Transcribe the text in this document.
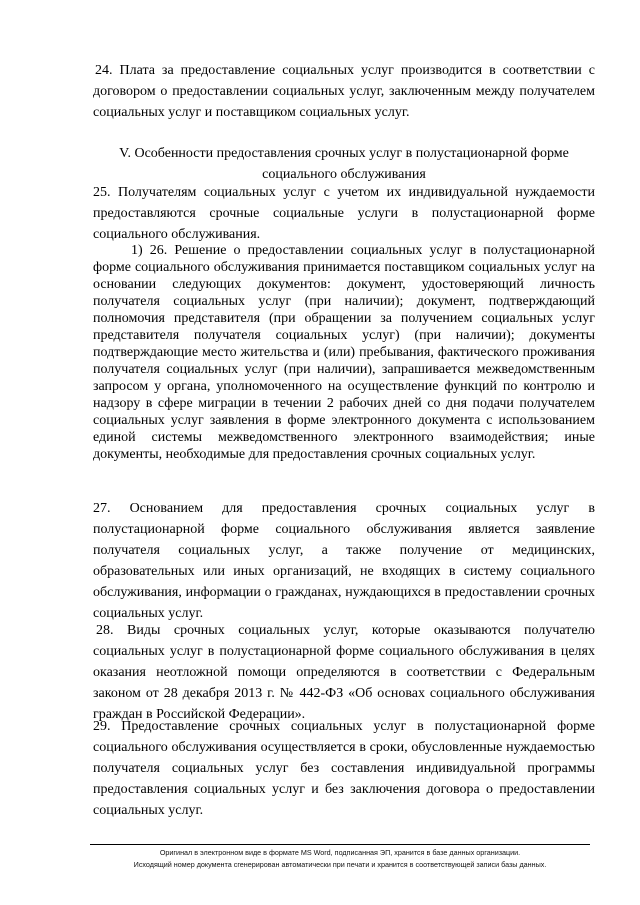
24. Плата за предоставление социальных услуг производится в соответствии с договором о предоставлении социальных услуг, заключенным между получателем социальных услуг и поставщиком социальных услуг.

V. Особенности предоставления срочных услуг в полустационарной форме социального обслуживания

25. Получателям социальных услуг с учетом их индивидуальной нуждаемости предоставляются срочные социальные услуги в полустационарной форме социального обслуживания.

1) 26. Решение о предоставлении социальных услуг в полустационарной форме социального обслуживания принимается поставщиком социальных услуг на основании следующих документов: документ, удостоверяющий личность получателя социальных услуг (при наличии); документ, подтверждающий полномочия представителя (при обращении за получением социальных услуг представителя получателя социальных услуг) (при наличии); документы подтверждающие место жительства и (или) пребывания, фактического проживания получателя социальных услуг (при наличии), запрашивается межведомственным запросом у органа, уполномоченного на осуществление функций по контролю и надзору в сфере миграции в течении 2 рабочих дней со дня подачи получателем социальных услуг заявления в форме электронного документа с использованием единой системы межведомственного электронного взаимодействия; иные документы, необходимые для предоставления срочных социальных услуг.

27. Основанием для предоставления срочных социальных услуг в полустационарной форме социального обслуживания является заявление получателя социальных услуг, а также получение от медицинских, образовательных или иных организаций, не входящих в систему социального обслуживания, информации о гражданах, нуждающихся в предоставлении срочных социальных услуг.

28. Виды срочных социальных услуг, которые оказываются получателю социальных услуг в полустационарной форме социального обслуживания в целях оказания неотложной помощи определяются в соответствии с Федеральным законом от 28 декабря 2013 г. № 442-ФЗ «Об основах социального обслуживания граждан в Российской Федерации».

29. Предоставление срочных социальных услуг в полустационарной форме социального обслуживания осуществляется в сроки, обусловленные нуждаемостью получателя социальных услуг без составления индивидуальной программы предоставления социальных услуг и без заключения договора о предоставлении социальных услуг.

Оригинал в электронном виде в формате MS Word, подписанная ЭП, хранится в базе данных организации.
Исходящий номер документа сгенерирован автоматически при печати и хранится в соответствующей записи базы данных.
